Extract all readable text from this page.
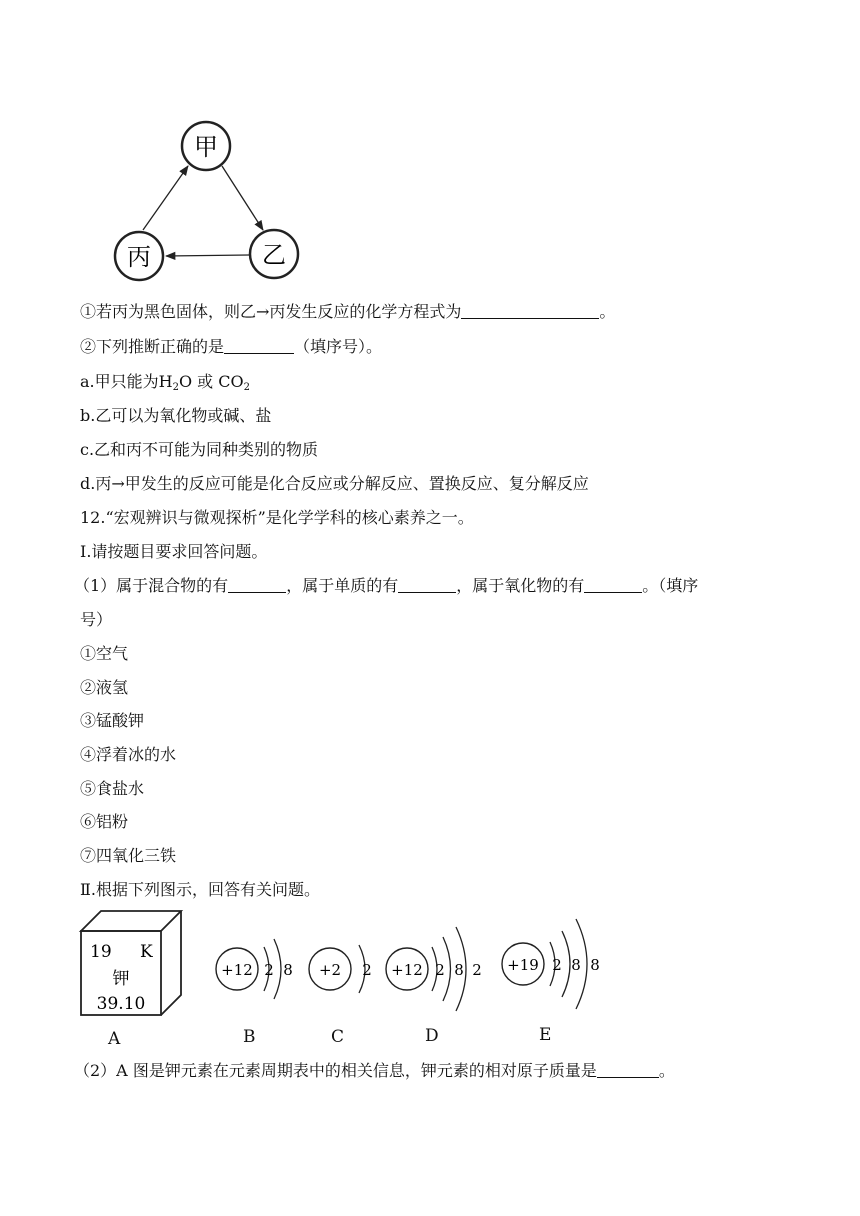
甲
乙
丙
①若丙为黑色固体，则乙→丙发生反应的化学方程式为	。
②下列推断正确的是	（填序号）。
a.甲只能为$H_2O$ 或 $CO_2$
b.乙可以为氧化物或碱、盐
c.乙和丙不可能为同种类别的物质
d.丙→甲发生的反应可能是化合反应或分解反应、置换反应、复分解反应
12.“宏观辨识与微观探析”是化学学科的核心素养之一。
Ⅰ.请按题目要求回答问题。
（1）属于混合物的有	，属于单质的有	，属于氧化物的有	。（填序
号）
①空气
②液氢
③锰酸钾
④浮着冰的水
⑤食盐水
⑥铝粉
⑦四氧化三铁
Ⅱ.根据下列图示，回答有关问题。
19 K
钾
39.10
+12 2 8 +2 2 +12 2 8 2 +19 2 8 8
A	B	C	D	E
（2）A 图是钾元素在元素周期表中的相关信息，钾元素的相对原子质量是	。
